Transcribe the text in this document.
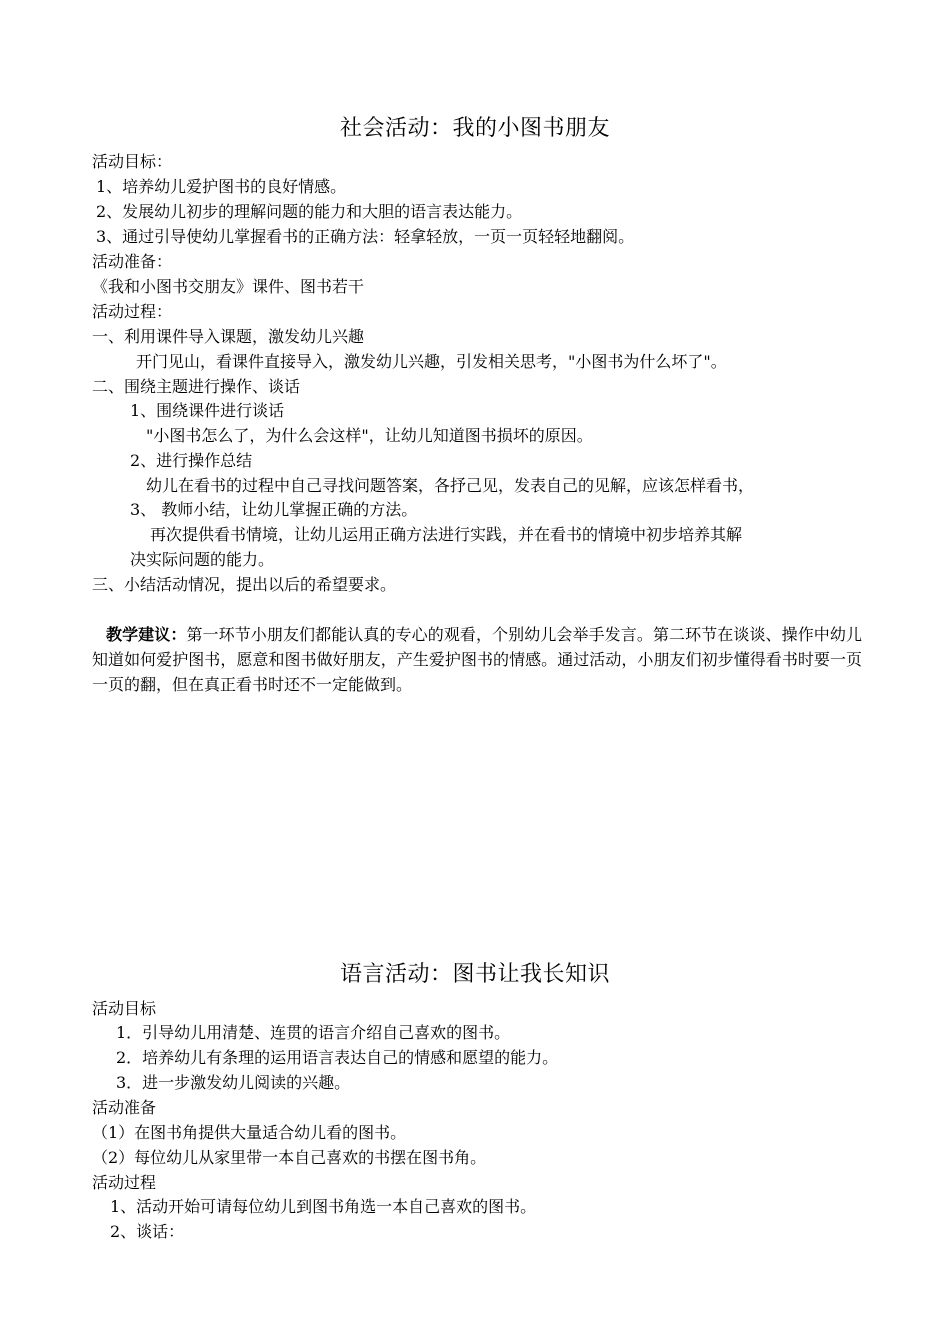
社会活动：我的小图书朋友
活动目标：
1、培养幼儿爱护图书的良好情感。
2、发展幼儿初步的理解问题的能力和大胆的语言表达能力。
3、通过引导使幼儿掌握看书的正确方法：轻拿轻放，一页一页轻轻地翻阅。
活动准备：
《我和小图书交朋友》课件、图书若干
活动过程：
一、利用课件导入课题，激发幼儿兴趣
开门见山，看课件直接导入，激发幼儿兴趣，引发相关思考，"小图书为什么坏了"。
二、围绕主题进行操作、谈话
1、围绕课件进行谈话
"小图书怎么了，为什么会这样"，让幼儿知道图书损坏的原因。
2、进行操作总结
幼儿在看书的过程中自己寻找问题答案，各抒己见，发表自己的见解，应该怎样看书，
3、 教师小结，让幼儿掌握正确的方法。
再次提供看书情境，让幼儿运用正确方法进行实践，并在看书的情境中初步培养其解
决实际问题的能力。
三、小结活动情况，提出以后的希望要求。
教学建议：第一环节小朋友们都能认真的专心的观看，个别幼儿会举手发言。第二环节在谈谈、操作中幼儿知道如何爱护图书，愿意和图书做好朋友，产生爱护图书的情感。通过活动，小朋友们初步懂得看书时要一页一页的翻，但在真正看书时还不一定能做到。
语言活动：图书让我长知识
活动目标
1．引导幼儿用清楚、连贯的语言介绍自己喜欢的图书。
2．培养幼儿有条理的运用语言表达自己的情感和愿望的能力。
3．进一步激发幼儿阅读的兴趣。
活动准备
（1）在图书角提供大量适合幼儿看的图书。
（2）每位幼儿从家里带一本自己喜欢的书摆在图书角。
活动过程
1、活动开始可请每位幼儿到图书角选一本自己喜欢的图书。
2、谈话：
